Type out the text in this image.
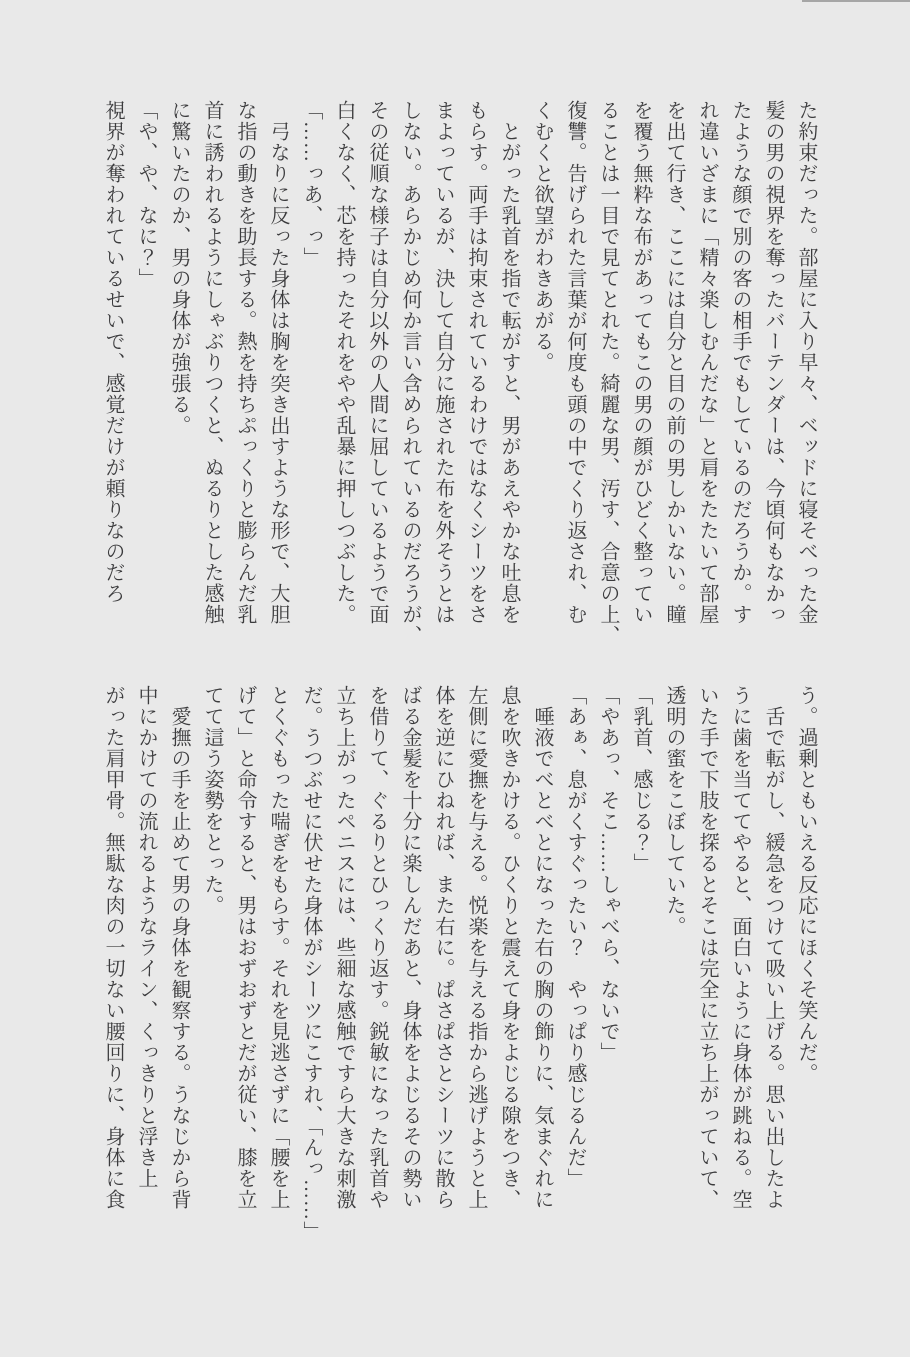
た約束だった。部屋に入り早々、ベッドに寝そべった金

髪の男の視界を奪ったバーテンダーは、今頃何もなかっ

たような顔で別の客の相手でもしているのだろうか。す

れ違いざまに「精々楽しむんだな」と肩をたたいて部屋

を出て行き、ここには自分と目の前の男しかいない。瞳

を覆う無粋な布があってもこの男の顔がひどく整ってい

ることは一目で見てとれた。綺麗な男、汚す、合意の上、

復讐。告げられた言葉が何度も頭の中でくり返され、む

くむくと欲望がわきあがる。

　とがった乳首を指で転がすと、男があえやかな吐息を

もらす。両手は拘束されているわけではなくシーツをさ

まよっているが、決して自分に施された布を外そうとは

しない。あらかじめ何か言い含められているのだろうが、

その従順な様子は自分以外の人間に屈しているようで面

白くなく、芯を持ったそれをやや乱暴に押しつぶした。

「……っあ、っ」

　弓なりに反った身体は胸を突き出すような形で、大胆

な指の動きを助長する。熱を持ちぷっくりと膨らんだ乳

首に誘われるようにしゃぶりつくと、ぬるりとした感触

に驚いたのか、男の身体が強張る。

「や、や、なに？」

視界が奪われているせいで、感覚だけが頼りなのだろ

う。過剰ともいえる反応にほくそ笑んだ。

　舌で転がし、緩急をつけて吸い上げる。思い出したよ

うに歯を当ててやると、面白いように身体が跳ねる。空

いた手で下肢を探るとそこは完全に立ち上がっていて、

透明の蜜をこぼしていた。

「乳首、感じる？」

「やあっ、そこ……しゃべら、ないで」

「あぁ、息がくすぐったい？　やっぱり感じるんだ」

　唾液でべとべとになった右の胸の飾りに、気まぐれに

息を吹きかける。ひくりと震えて身をよじる隙をつき、

左側に愛撫を与える。悦楽を与える指から逃げようと上

体を逆にひねれば、また右に。ぱさぱさとシーツに散ら

ばる金髪を十分に楽しんだあと、身体をよじるその勢い

を借りて、ぐるりとひっくり返す。鋭敏になった乳首や

立ち上がったペニスには、些細な感触ですら大きな刺激

だ。うつぶせに伏せた身体がシーツにこすれ、「んっ……」

とくぐもった喘ぎをもらす。それを見逃さずに「腰を上

げて」と命令すると、男はおずおずとだが従い、膝を立

てて這う姿勢をとった。

　愛撫の手を止めて男の身体を観察する。うなじから背

中にかけての流れるようなライン、くっきりと浮き上

がった肩甲骨。無駄な肉の一切ない腰回りに、身体に食
